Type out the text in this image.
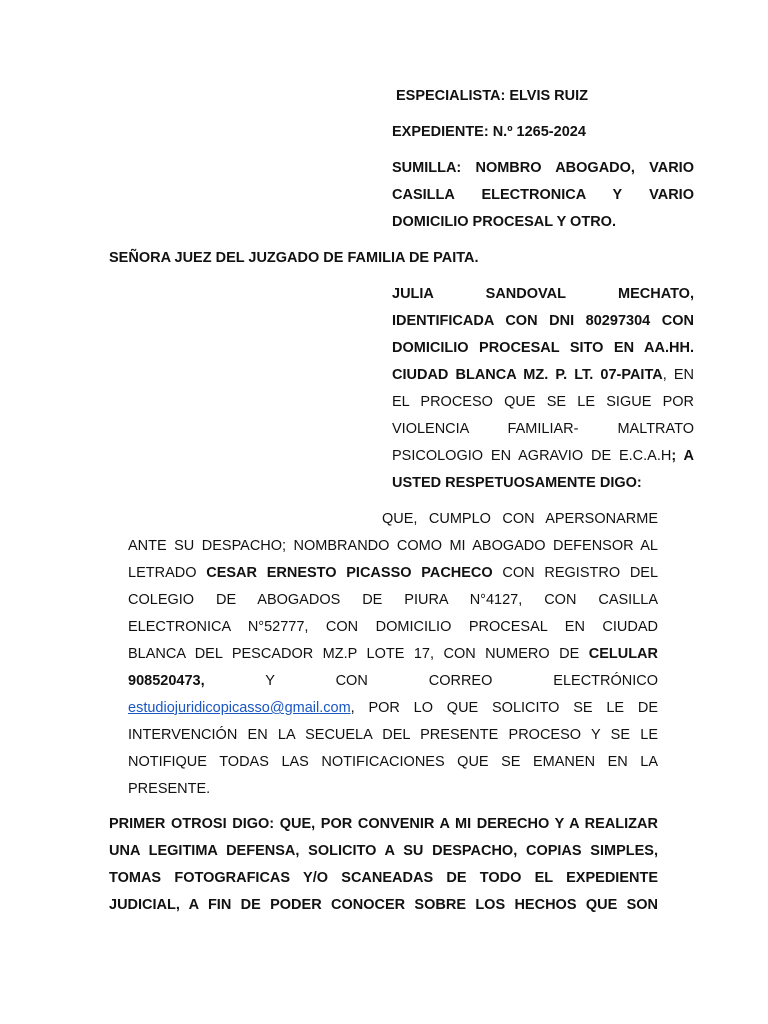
ESPECIALISTA: ELVIS RUIZ
EXPEDIENTE: N.º 1265-2024
SUMILLA: NOMBRO ABOGADO, VARIO
CASILLA ELECTRONICA Y VARIO
DOMICILIO PROCESAL Y OTRO.
SEÑORA JUEZ DEL JUZGADO DE FAMILIA DE PAITA.
JULIA SANDOVAL MECHATO,
IDENTIFICADA CON DNI 80297304 CON
DOMICILIO PROCESAL SITO EN AA.HH.
CIUDAD BLANCA MZ. P. LT. 07-PAITA, EN
EL PROCESO QUE SE LE SIGUE POR
VIOLENCIA FAMILIAR- MALTRATO
PSICOLOGIO EN AGRAVIO DE E.C.A.H; A
USTED RESPETUOSAMENTE DIGO:
QUE, CUMPLO CON APERSONARME
ANTE SU DESPACHO; NOMBRANDO COMO MI ABOGADO DEFENSOR AL
LETRADO CESAR ERNESTO PICASSO PACHECO CON REGISTRO DEL
COLEGIO DE ABOGADOS DE PIURA N°4127, CON CASILLA
ELECTRONICA N°52777, CON DOMICILIO PROCESAL EN CIUDAD
BLANCA DEL PESCADOR MZ.P LOTE 17, CON NUMERO DE CELULAR
908520473,	Y	CON	CORREO	ELECTRÓNICO
estudiojuridicopicasso@gmail.com, POR LO QUE SOLICITO SE LE DE
INTERVENCIÓN EN LA SECUELA DEL PRESENTE PROCESO Y SE LE
NOTIFIQUE TODAS LAS NOTIFICACIONES QUE SE EMANEN EN LA
PRESENTE.
PRIMER OTROSI DIGO: QUE, POR CONVENIR A MI DERECHO Y A REALIZAR
UNA LEGITIMA DEFENSA, SOLICITO A SU DESPACHO, COPIAS SIMPLES,
TOMAS FOTOGRAFICAS Y/O SCANEADAS DE TODO EL EXPEDIENTE
JUDICIAL, A FIN DE PODER CONOCER SOBRE LOS HECHOS QUE SON
